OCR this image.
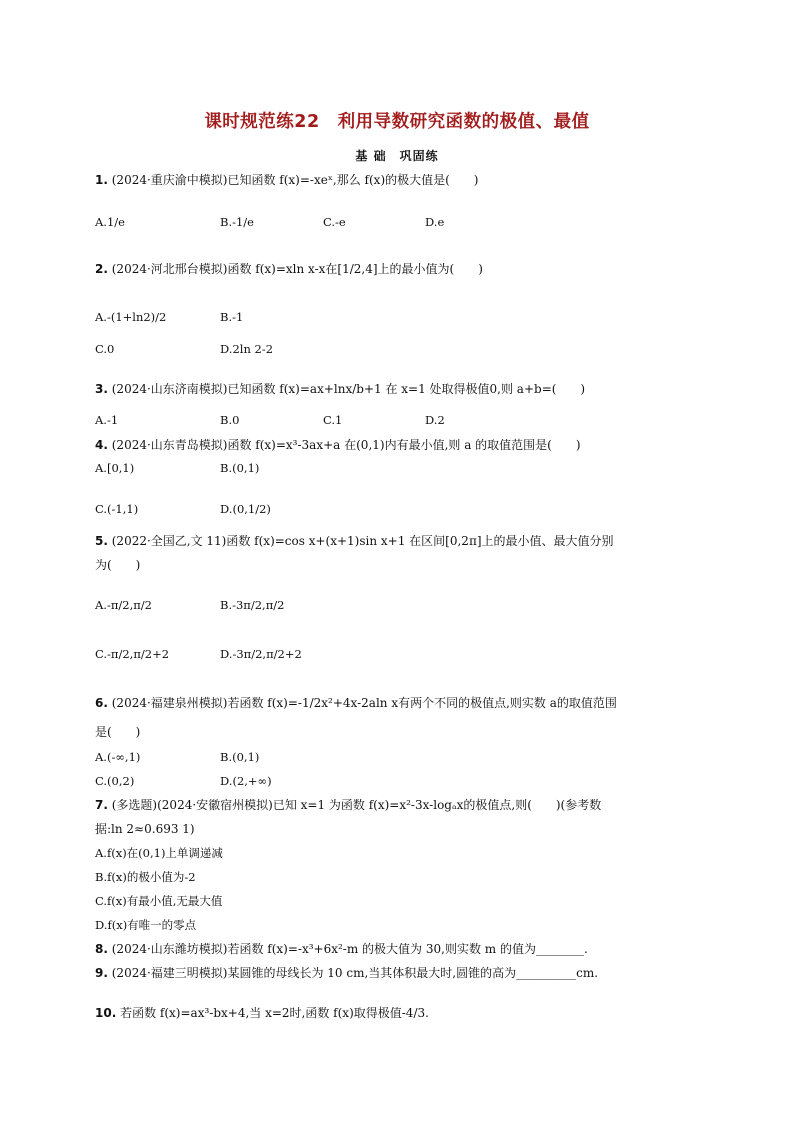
课时规范练22　利用导数研究函数的极值、最值
基 础　巩固练
1. (2024·重庆渝中模拟)已知函数 f(x)=-xeˣ,那么 f(x)的极大值是(　　)
A.1/e	B.-1/e	C.-e	D.e
2. (2024·河北邢台模拟)函数 f(x)=xln x-x在[1/2,4]上的最小值为(　　)
A.-(1+ln2)/2	B.-1
C.0	D.2ln 2-2
3. (2024·山东济南模拟)已知函数 f(x)=ax+lnx/b+1 在 x=1 处取得极值0,则 a+b=(　　)
A.-1	B.0	C.1	D.2
4. (2024·山东青岛模拟)函数 f(x)=x³-3ax+a 在(0,1)内有最小值,则 a 的取值范围是(　　)
A.[0,1)	B.(0,1)
C.(-1,1)	D.(0,1/2)
5. (2022·全国乙,文 11)函数 f(x)=cos x+(x+1)sin x+1 在区间[0,2π]上的最小值、最大值分别
为(　　)
A.-π/2,π/2	B.-3π/2,π/2
C.-π/2,π/2+2	D.-3π/2,π/2+2
6. (2024·福建泉州模拟)若函数 f(x)=-1/2x²+4x-2aln x有两个不同的极值点,则实数 a的取值范围
是(　　)
A.(-∞,1)	B.(0,1)
C.(0,2)	D.(2,+∞)
7. (多选题)(2024·安徽宿州模拟)已知 x=1 为函数 f(x)=x²-3x-logₐx的极值点,则(　　)(参考数
据:ln 2≈0.693 1)
A.f(x)在(0,1)上单调递减
B.f(x)的极小值为-2
C.f(x)有最小值,无最大值
D.f(x)有唯一的零点
8. (2024·山东潍坊模拟)若函数 f(x)=-x³+6x²-m 的极大值为 30,则实数 m 的值为________.
9. (2024·福建三明模拟)某圆锥的母线长为 10 cm,当其体积最大时,圆锥的高为__________cm.
10. 若函数 f(x)=ax³-bx+4,当 x=2时,函数 f(x)取得极值-4/3.
